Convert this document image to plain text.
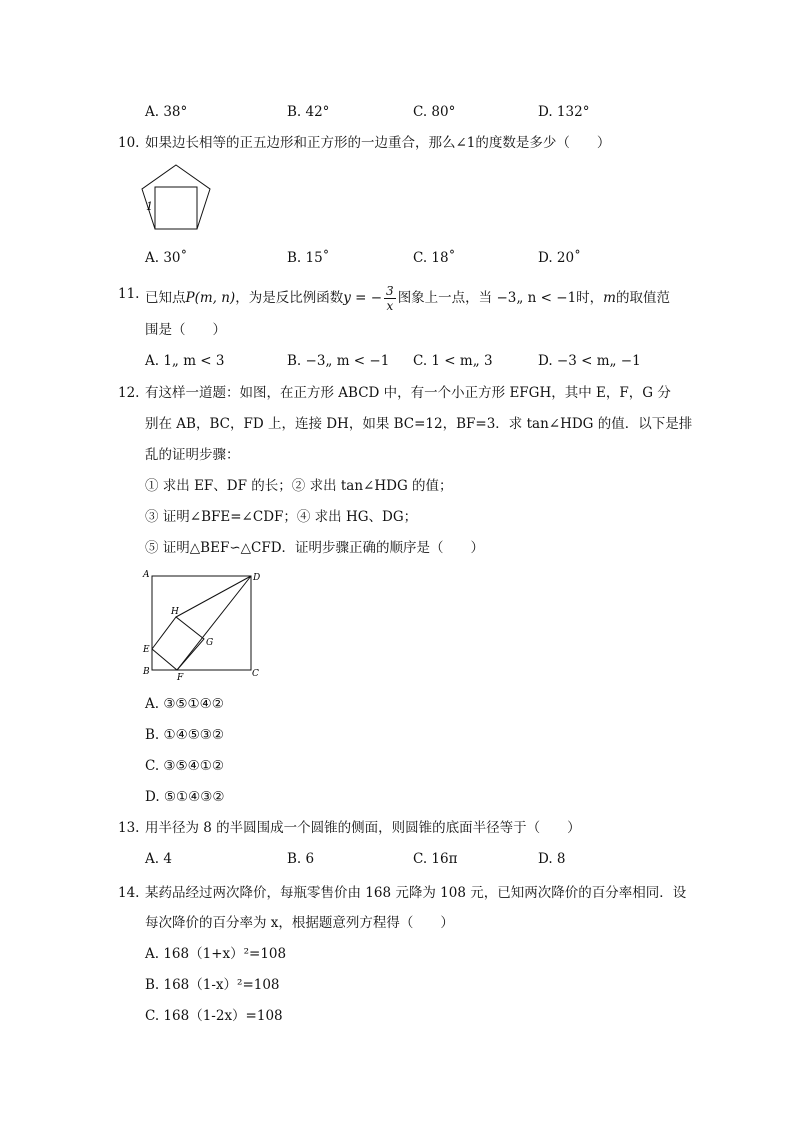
A. 38°	B. 42°	C. 80°	D. 132°
10. 如果边长相等的正五边形和正方形的一边重合，那么∠1的度数是多少（　　）
1
A. 30˚	B. 15˚	C. 18˚	D. 20˚
11. 已知点P(m, n)，为是反比例函数y = − $\frac{3}{x}$ 图象上一点，当 −3„ n < −1时，m的取值范
围是（　　）
A. 1„ m < 3	B. −3„ m < −1 C. 1 < m„ 3	D. −3 < m„ −1
12. 有这样一道题：如图，在正方形 ABCD 中，有一个小正方形 EFGH，其中 E，F，G 分
别在 AB，BC，FD 上，连接 DH，如果 BC=12，BF=3．求 tan∠HDG 的值．以下是排
乱的证明步骤：
① 求出 EF、DF 的长；② 求出 tan∠HDG 的值；
③ 证明∠BFE=∠CDF；④ 求出 HG、DG；
⑤ 证明△BEF∽△CFD．证明步骤正确的顺序是（　　）
A	D
B	C
E
F
G
H
A. ③⑤①④②
B. ①④⑤③②
C. ③⑤④①②
D. ⑤①④③②
13. 用半径为 8 的半圆围成一个圆锥的侧面，则圆锥的底面半径等于（　　）
A. 4	B. 6	C. 16π	D. 8
14. 某药品经过两次降价，每瓶零售价由 168 元降为 108 元，已知两次降价的百分率相同．设
每次降价的百分率为 x，根据题意列方程得（　　）
A. 168（1+x）²=108
B. 168（1-x）²=108
C. 168（1-2x）=108
